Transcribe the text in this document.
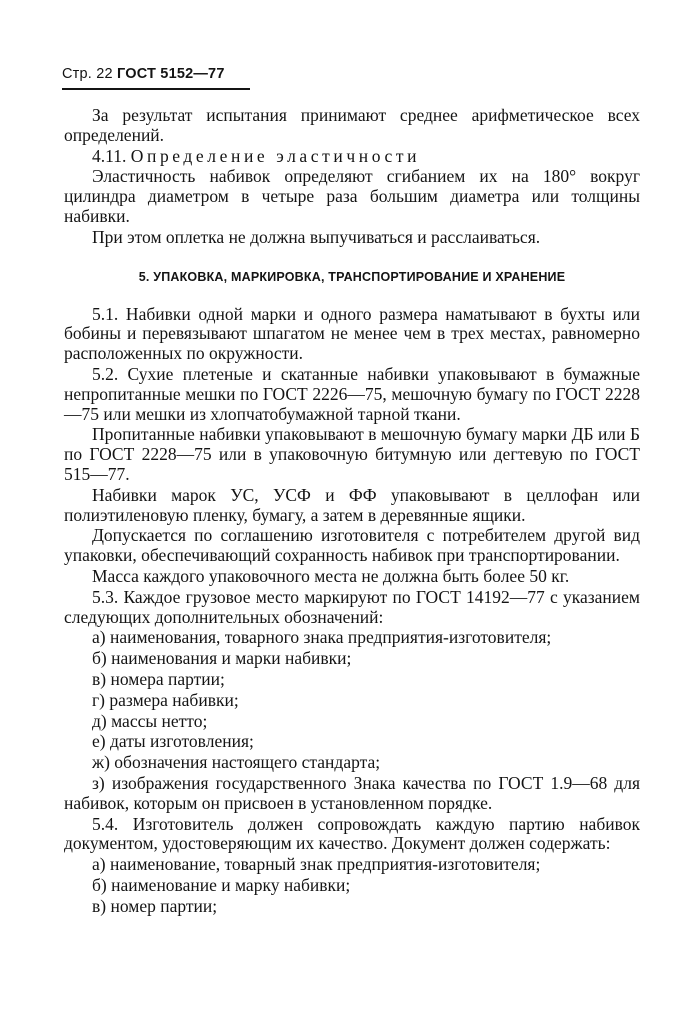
Стр. 22 ГОСТ 5152—77

За результат испытания принимают среднее арифметическое всех определений.

4.11. Определение эластичности

Эластичность набивок определяют сгибанием их на 180° вокруг цилиндра диаметром в четыре раза большим диаметра или толщины набивки.

При этом оплетка не должна выпучиваться и расслаиваться.

5. УПАКОВКА, МАРКИРОВКА, ТРАНСПОРТИРОВАНИЕ И ХРАНЕНИЕ

5.1. Набивки одной марки и одного размера наматывают в бухты или бобины и перевязывают шпагатом не менее чем в трех местах, равномерно расположенных по окружности.

5.2. Сухие плетеные и скатанные набивки упаковывают в бумажные непропитанные мешки по ГОСТ 2226—75, мешочную бумагу по ГОСТ 2228—75 или мешки из хлопчатобумажной тарной ткани.

Пропитанные набивки упаковывают в мешочную бумагу марки ДБ или Б по ГОСТ 2228—75 или в упаковочную битумную или дегтевую по ГОСТ 515—77.

Набивки марок УС, УСФ и ФФ упаковывают в целлофан или полиэтиленовую пленку, бумагу, а затем в деревянные ящики.

Допускается по соглашению изготовителя с потребителем другой вид упаковки, обеспечивающий сохранность набивок при транспортировании.

Масса каждого упаковочного места не должна быть более 50 кг.

5.3. Каждое грузовое место маркируют по ГОСТ 14192—77 с указанием следующих дополнительных обозначений:

а) наименования, товарного знака предприятия-изготовителя;

б) наименования и марки набивки;

в) номера партии;

г) размера набивки;

д) массы нетто;

е) даты изготовления;

ж) обозначения настоящего стандарта;

з) изображения государственного Знака качества по ГОСТ 1.9—68 для набивок, которым он присвоен в установленном порядке.

5.4. Изготовитель должен сопровождать каждую партию набивок документом, удостоверяющим их качество. Документ должен содержать:

а) наименование, товарный знак предприятия-изготовителя;

б) наименование и марку набивки;

в) номер партии;
